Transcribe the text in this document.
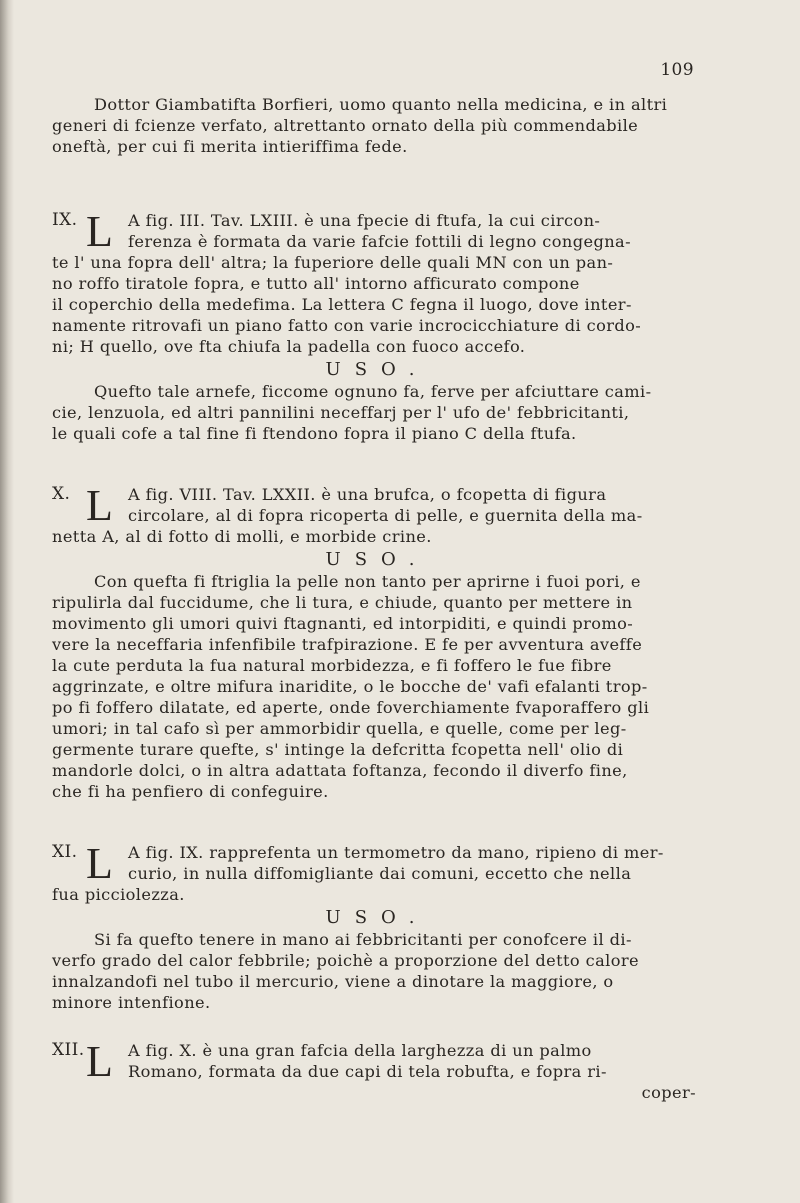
109
Dottor Giambatifta Borfieri, uomo quanto nella medicina, e in altri
generi di fcienze verfato, altrettanto ornato della più commendabile
oneftà, per cui fi merita intieriffima fede.
IX. L A fig. III. Tav. LXIII. è una fpecie di ftufa, la cui circon-
ferenza è formata da varie fafcie fottili di legno congegna-
te l' una fopra dell' altra; la fuperiore delle quali MN con un pan-
no roffo tiratole fopra, e tutto all' intorno afficurato compone
il coperchio della medefima. La lettera C fegna il luogo, dove inter-
namente ritrovafi un piano fatto con varie incrocicchiature di cordo-
ni; H quello, ove fta chiufa la padella con fuoco accefo.
USO.
Quefto tale arnefe, ficcome ognuno fa, ferve per afciuttare cami-
cie, lenzuola, ed altri pannilini neceffarj per l' ufo de' febbricitanti,
le quali cofe a tal fine fi ftendono fopra il piano C della ftufa.
X. L A fig. VIII. Tav. LXXII. è una brufca, o fcopetta di figura
circolare, al di fopra ricoperta di pelle, e guernita della ma-
netta A, al di fotto di molli, e morbide crine.
USO.
Con quefta fi ftriglia la pelle non tanto per aprirne i fuoi pori, e
ripulirla dal fuccidume, che li tura, e chiude, quanto per mettere in
movimento gli umori quivi ftagnanti, ed intorpiditi, e quindi promo-
vere la neceffaria infenfibile trafpirazione. E fe per avventura aveffe
la cute perduta la fua natural morbidezza, e fi foffero le fue fibre
aggrinzate, e oltre mifura inaridite, o le bocche de' vafi efalanti trop-
po fi foffero dilatate, ed aperte, onde foverchiamente fvaporaffero gli
umori; in tal cafo sì per ammorbidir quella, e quelle, come per leg-
germente turare quefte, s' intinge la defcritta fcopetta nell' olio di
mandorle dolci, o in altra adattata foftanza, fecondo il diverfo fine,
che fi ha penfiero di confeguire.
XI. L A fig. IX. rapprefenta un termometro da mano, ripieno di mer-
curio, in nulla diffomigliante dai comuni, eccetto che nella
fua picciolezza.
USO.
Si fa quefto tenere in mano ai febbricitanti per conofcere il di-
verfo grado del calor febbrile; poichè a proporzione del detto calore
innalzandofi nel tubo il mercurio, viene a dinotare la maggiore, o
minore intenfione.
XII. L A fig. X. è una gran fafcia della larghezza di un palmo
Romano, formata da due capi di tela robufta, e fopra ri-
coper-
